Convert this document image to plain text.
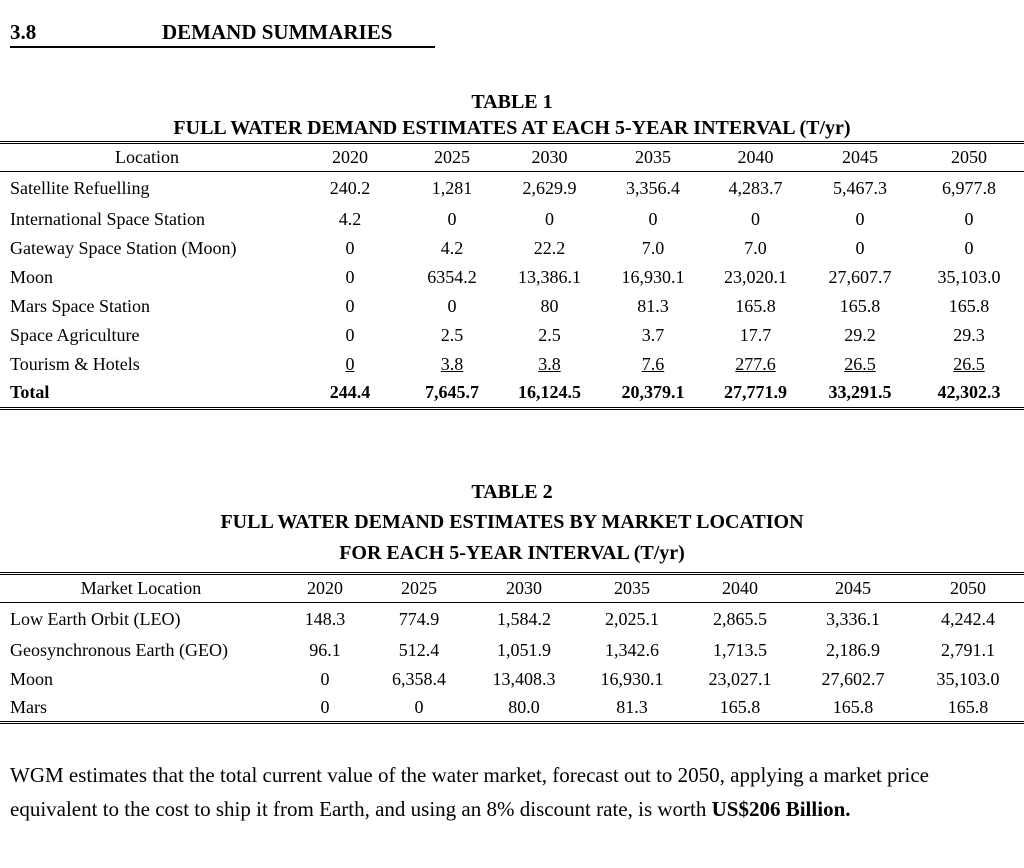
3.8	DEMAND SUMMARIES
TABLE 1
FULL WATER DEMAND ESTIMATES AT EACH 5-YEAR INTERVAL (T/yr)
Location	2020	2025	2030	2035	2040	2045	2050
Satellite Refuelling	240.2	1,281	2,629.9	3,356.4	4,283.7	5,467.3	6,977.8
International Space Station	4.2	0	0	0	0	0	0
Gateway Space Station (Moon)	0	4.2	22.2	7.0	7.0	0	0
Moon	0	6354.2	13,386.1	16,930.1	23,020.1	27,607.7	35,103.0
Mars Space Station	0	0	80	81.3	165.8	165.8	165.8
Space Agriculture	0	2.5	2.5	3.7	17.7	29.2	29.3
Tourism & Hotels	0	3.8	3.8	7.6	277.6	26.5	26.5
Total	244.4	7,645.7	16,124.5	20,379.1	27,771.9	33,291.5	42,302.3
TABLE 2
FULL WATER DEMAND ESTIMATES BY MARKET LOCATION
FOR EACH 5-YEAR INTERVAL (T/yr)
Market Location	2020	2025	2030	2035	2040	2045	2050
Low Earth Orbit (LEO)	148.3	774.9	1,584.2	2,025.1	2,865.5	3,336.1	4,242.4
Geosynchronous Earth (GEO)	96.1	512.4	1,051.9	1,342.6	1,713.5	2,186.9	2,791.1
Moon	0	6,358.4	13,408.3	16,930.1	23,027.1	27,602.7	35,103.0
Mars	0	0	80.0	81.3	165.8	165.8	165.8
WGM estimates that the total current value of the water market, forecast out to 2050, applying a market price equivalent to the cost to ship it from Earth, and using an 8% discount rate, is worth US$206 Billion.
